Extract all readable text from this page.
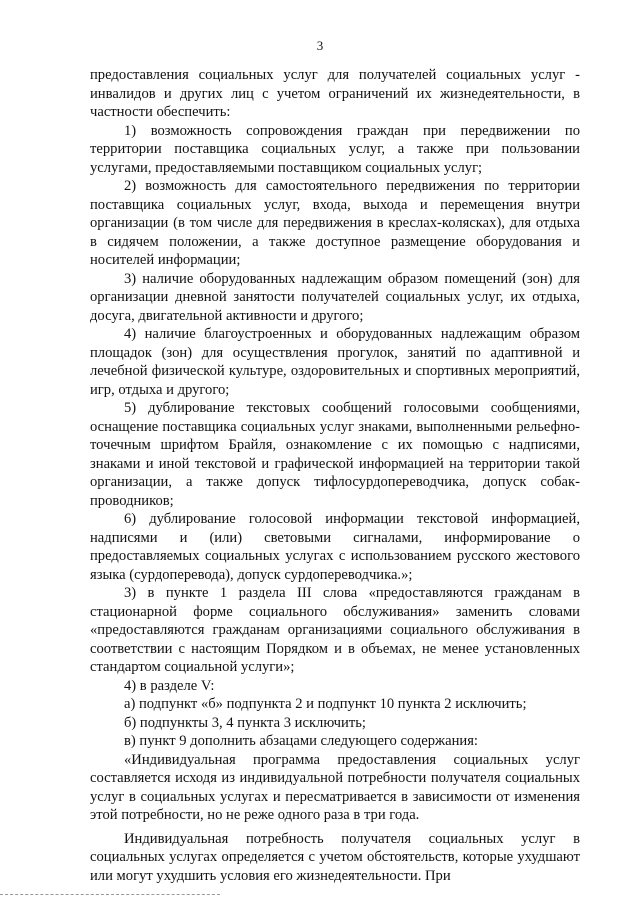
3

предоставления социальных услуг для получателей социальных услуг - инвалидов и других лиц с учетом ограничений их жизнедеятельности, в частности обеспечить:

1) возможность сопровождения граждан при передвижении по территории поставщика социальных услуг, а также при пользовании услугами, предоставляемыми поставщиком социальных услуг;

2) возможность для самостоятельного передвижения по территории поставщика социальных услуг, входа, выхода и перемещения внутри организации (в том числе для передвижения в креслах-колясках), для отдыха в сидячем положении, а также доступное размещение оборудования и носителей информации;

3) наличие оборудованных надлежащим образом помещений (зон) для организации дневной занятости получателей социальных услуг, их отдыха, досуга, двигательной активности и другого;

4) наличие благоустроенных и оборудованных надлежащим образом площадок (зон) для осуществления прогулок, занятий по адаптивной и лечебной физической культуре, оздоровительных и спортивных мероприятий, игр, отдыха и другого;

5) дублирование текстовых сообщений голосовыми сообщениями, оснащение поставщика социальных услуг знаками, выполненными рельефно-точечным шрифтом Брайля, ознакомление с их помощью с надписями, знаками и иной текстовой и графической информацией на территории такой организации, а также допуск тифлосурдопереводчика, допуск собак-проводников;

6) дублирование голосовой информации текстовой информацией, надписями и (или) световыми сигналами, информирование о предоставляемых социальных услугах с использованием русского жестового языка (сурдоперевода), допуск сурдопереводчика.»;

3) в пункте 1 раздела III слова «предоставляются гражданам в стационарной форме социального обслуживания» заменить словами «предоставляются гражданам организациями социального обслуживания в соответствии с настоящим Порядком и в объемах, не менее установленных стандартом социальной услуги»;

4) в разделе V:

а) подпункт «б» подпункта 2 и подпункт 10 пункта 2 исключить;

б) подпункты 3, 4 пункта 3 исключить;

в) пункт 9 дополнить абзацами следующего содержания:

«Индивидуальная программа предоставления социальных услуг составляется исходя из индивидуальной потребности получателя социальных услуг в социальных услугах и пересматривается в зависимости от изменения этой потребности, но не реже одного раза в три года.

Индивидуальная потребность получателя социальных услуг в социальных услугах определяется с учетом обстоятельств, которые ухудшают или могут ухудшить условия его жизнедеятельности. При
